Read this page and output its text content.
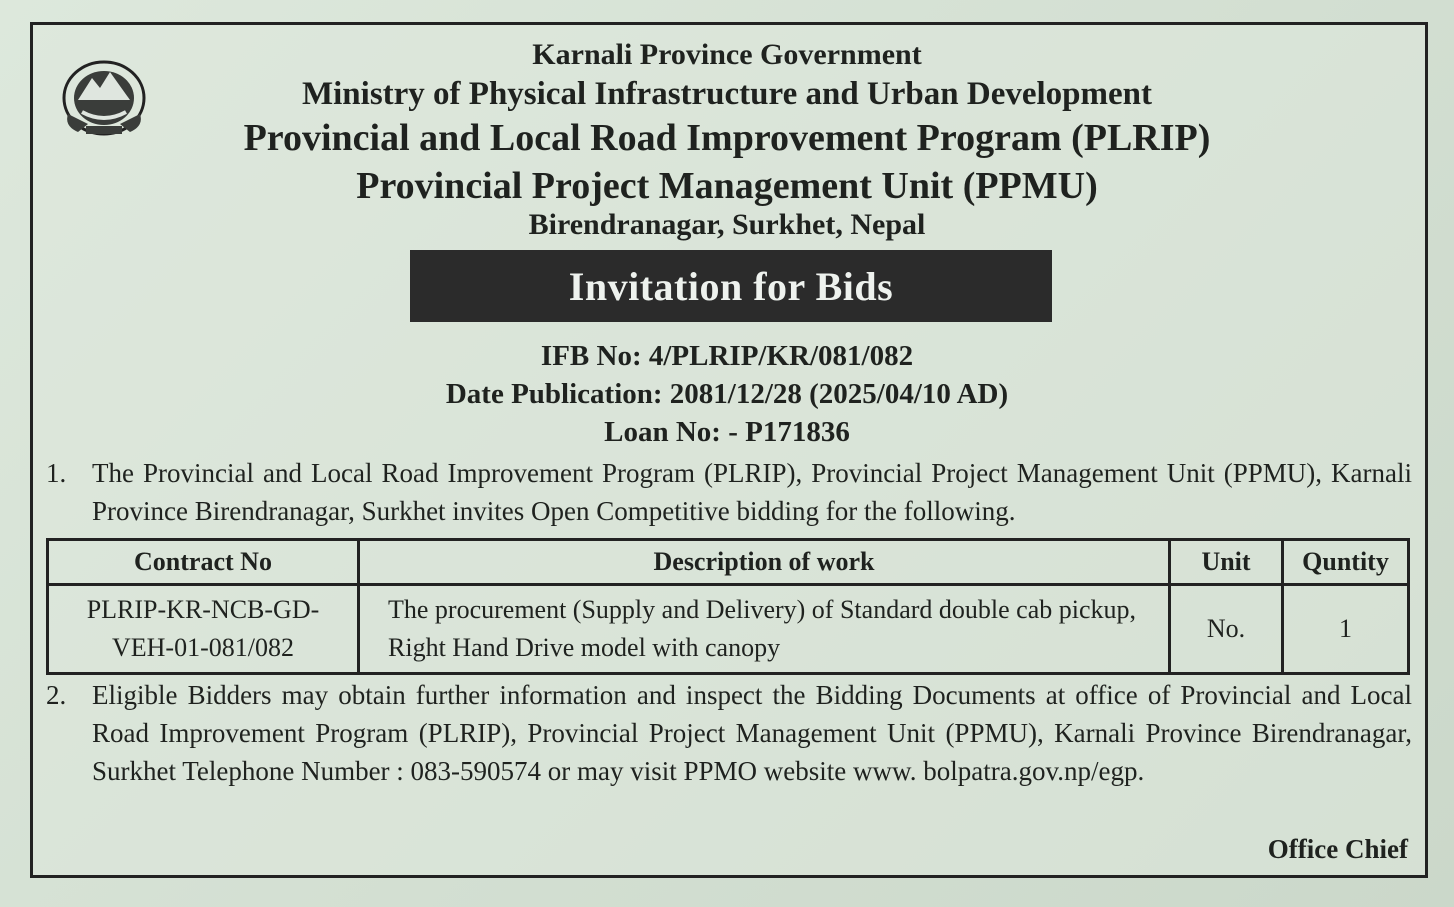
Karnali Province Government
Ministry of Physical Infrastructure and Urban Development
Provincial and Local Road Improvement Program (PLRIP)
Provincial Project Management Unit (PPMU)
Birendranagar, Surkhet, Nepal
Invitation for Bids
IFB No: 4/PLRIP/KR/081/082
Date Publication: 2081/12/28 (2025/04/10 AD)
Loan No: - P171836
1. The Provincial and Local Road Improvement Program (PLRIP), Provincial Project Management Unit (PPMU), Karnali Province Birendranagar, Surkhet invites Open Competitive bidding for the following.
Contract No	Description of work	Unit	Quntity
PLRIP-KR-NCB-GD-VEH-01-081/082	The procurement (Supply and Delivery) of Standard double cab pickup, Right Hand Drive model with canopy	No.	1
2. Eligible Bidders may obtain further information and inspect the Bidding Documents at office of Provincial and Local Road Improvement Program (PLRIP), Provincial Project Management Unit (PPMU), Karnali Province Birendranagar, Surkhet Telephone Number : 083-590574 or may visit PPMO website www. bolpatra.gov.np/egp.
Office Chief
